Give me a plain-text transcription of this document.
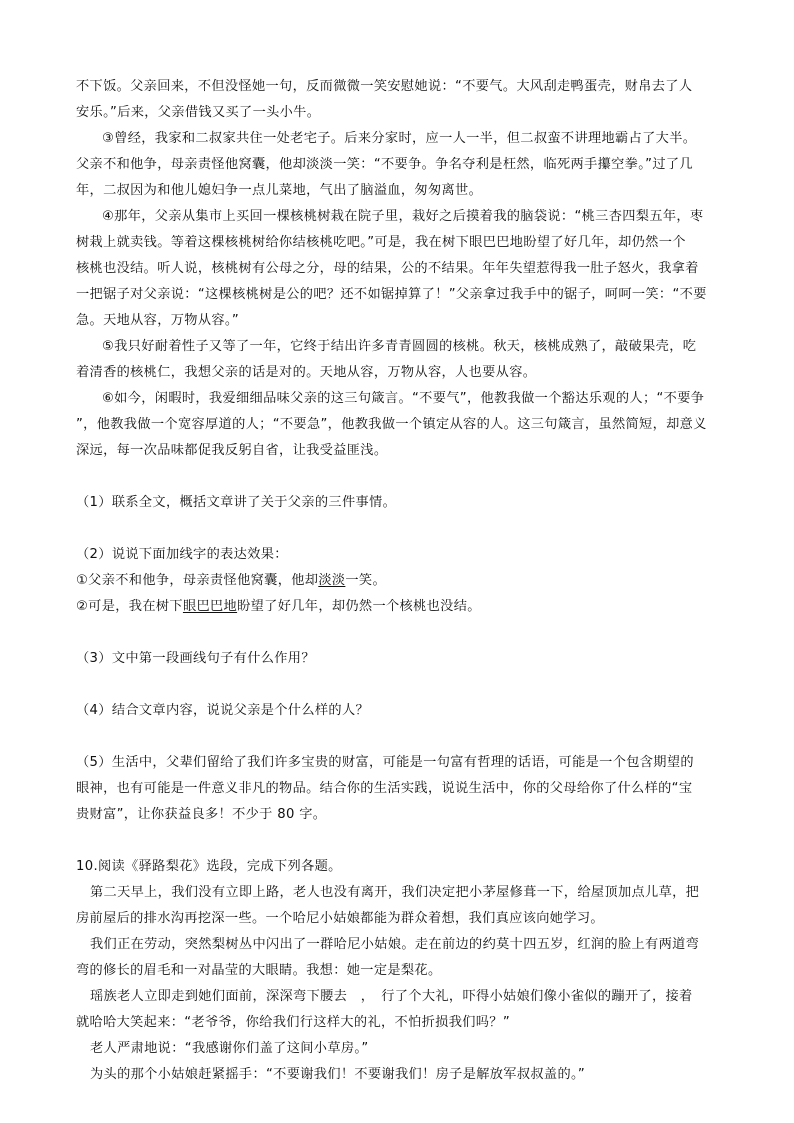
不下饭。父亲回来，不但没怪她一句，反而微微一笑安慰她说：“不要气。大风刮走鸭蛋壳，财帛去了人
安乐。”后来，父亲借钱又买了一头小牛。
③曾经，我家和二叔家共住一处老宅子。后来分家时，应一人一半，但二叔蛮不讲理地霸占了大半。
父亲不和他争，母亲责怪他窝囊，他却淡淡一笑：“不要争。争名夺利是枉然，临死两手攥空拳。”过了几
年，二叔因为和他儿媳妇争一点儿菜地，气出了脑溢血，匆匆离世。
④那年，父亲从集市上买回一棵核桃树栽在院子里，栽好之后摸着我的脑袋说：“桃三杏四梨五年，枣
树栽上就卖钱。等着这棵核桃树给你结核桃吃吧。”可是，我在树下眼巴巴地盼望了好几年，却仍然一个
核桃也没结。听人说，核桃树有公母之分，母的结果，公的不结果。年年失望惹得我一肚子怒火，我拿着
一把锯子对父亲说：“这棵核桃树是公的吧？还不如锯掉算了！”父亲拿过我手中的锯子，呵呵一笑：“不要
急。天地从容，万物从容。”
⑤我只好耐着性子又等了一年，它终于结出许多青青圆圆的核桃。秋天，核桃成熟了，敲破果壳，吃
着清香的核桃仁，我想父亲的话是对的。天地从容，万物从容，人也要从容。
⑥如今，闲暇时，我爱细细品味父亲的这三句箴言。“不要气”，他教我做一个豁达乐观的人；“不要争
”，他教我做一个宽容厚道的人；“不要急”，他教我做一个镇定从容的人。这三句箴言，虽然简短，却意义
深远，每一次品味都促我反躬自省，让我受益匪浅。
（1）联系全文，概括文章讲了关于父亲的三件事情。
（2）说说下面加线字的表达效果：
①父亲不和他争，母亲责怪他窝囊，他却淡淡一笑。
②可是，我在树下眼巴巴地盼望了好几年，却仍然一个核桃也没结。
（3）文中第一段画线句子有什么作用？
（4）结合文章内容，说说父亲是个什么样的人？
（5）生活中，父辈们留给了我们许多宝贵的财富，可能是一句富有哲理的话语，可能是一个包含期望的
眼神，也有可能是一件意义非凡的物品。结合你的生活实践，说说生活中，你的父母给你了什么样的“宝
贵财富”，让你获益良多！不少于 80 字。
10.阅读《驿路梨花》选段，完成下列各题。
第二天早上，我们没有立即上路，老人也没有离开，我们决定把小茅屋修葺一下，给屋顶加点儿草，把
房前屋后的排水沟再挖深一些。一个哈尼小姑娘都能为群众着想，我们真应该向她学习。
我们正在劳动，突然梨树丛中闪出了一群哈尼小姑娘。走在前边的约莫十四五岁，红润的脸上有两道弯
弯的修长的眉毛和一对晶莹的大眼睛。我想：她一定是梨花。
瑶族老人立即走到她们面前，深深弯下腰去　，　行了个大礼，吓得小姑娘们像小雀似的蹦开了，接着
就哈哈大笑起来：“老爷爷，你给我们行这样大的礼，不怕折损我们吗？”
老人严肃地说：“我感谢你们盖了这间小草房。”
为头的那个小姑娘赶紧摇手：“不要谢我们！不要谢我们！房子是解放军叔叔盖的。”
